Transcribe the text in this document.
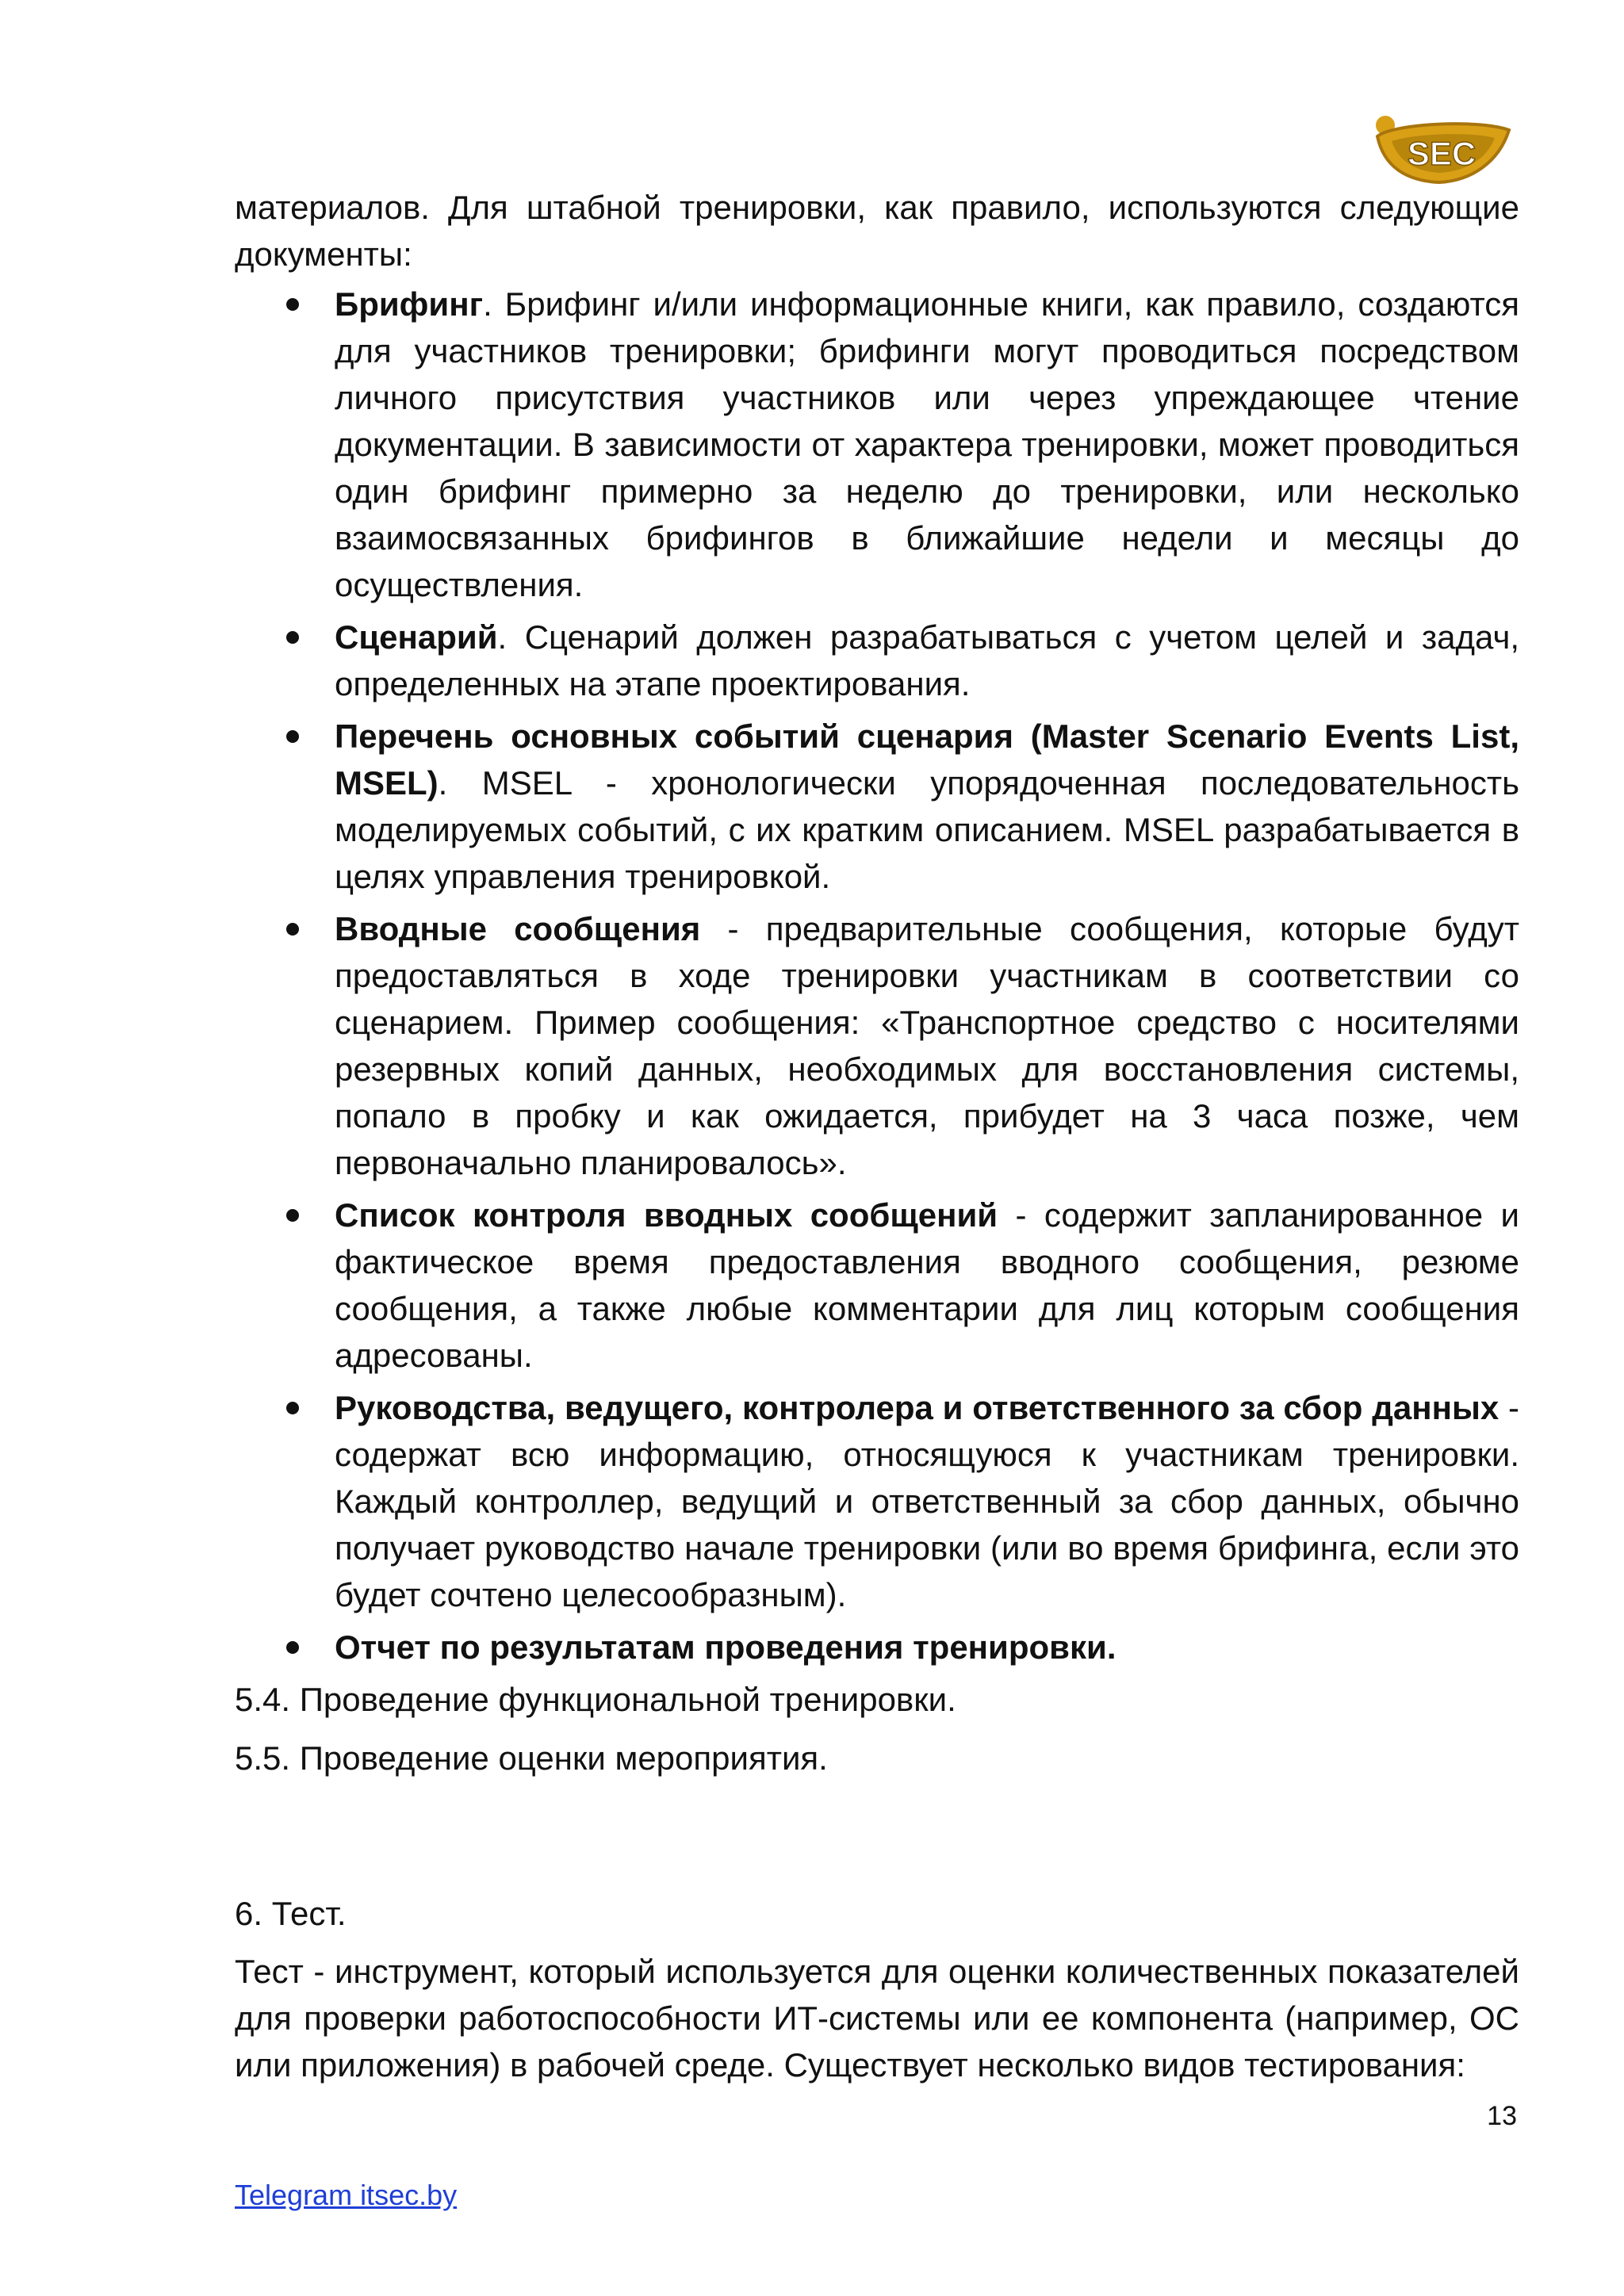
SEC

материалов. Для штабной тренировки, как правило, используются следующие документы:

Брифинг. Брифинг и/или информационные книги, как правило, создаются для участников тренировки; брифинги могут проводиться посредством личного присутствия участников или через упреждающее чтение документации. В зависимости от характера тренировки, может проводиться один брифинг примерно за неделю до тренировки, или несколько взаимосвязанных брифингов в ближайшие недели и месяцы до осуществления.
Сценарий. Сценарий должен разрабатываться с учетом целей и задач, определенных на этапе проектирования.
Перечень основных событий сценария (Master Scenario Events List, MSEL). MSEL - хронологически упорядоченная последовательность моделируемых событий, с их кратким описанием. MSEL разрабатывается в целях управления тренировкой.
Вводные сообщения - предварительные сообщения, которые будут предоставляться в ходе тренировки участникам в соответствии со сценарием. Пример сообщения: «Транспортное средство с носителями резервных копий данных, необходимых для восстановления системы, попало в пробку и как ожидается, прибудет на 3 часа позже, чем первоначально планировалось».
Список контроля вводных сообщений - содержит запланированное и фактическое время предоставления вводного сообщения, резюме сообщения, а также любые комментарии для лиц которым сообщения адресованы.
Руководства, ведущего, контролера и ответственного за сбор данных - содержат всю информацию, относящуюся к участникам тренировки. Каждый контроллер, ведущий и ответственный за сбор данных, обычно получает руководство начале тренировки (или во время брифинга, если это будет сочтено целесообразным).
Отчет по результатам проведения тренировки.

5.4. Проведение функциональной тренировки.

5.5. Проведение оценки мероприятия.

6. Тест.

Тест - инструмент, который используется для оценки количественных показателей для проверки работоспособности ИТ-системы или ее компонента (например, ОС или приложения) в рабочей среде. Существует несколько видов тестирования:

13
Telegram itsec.by
